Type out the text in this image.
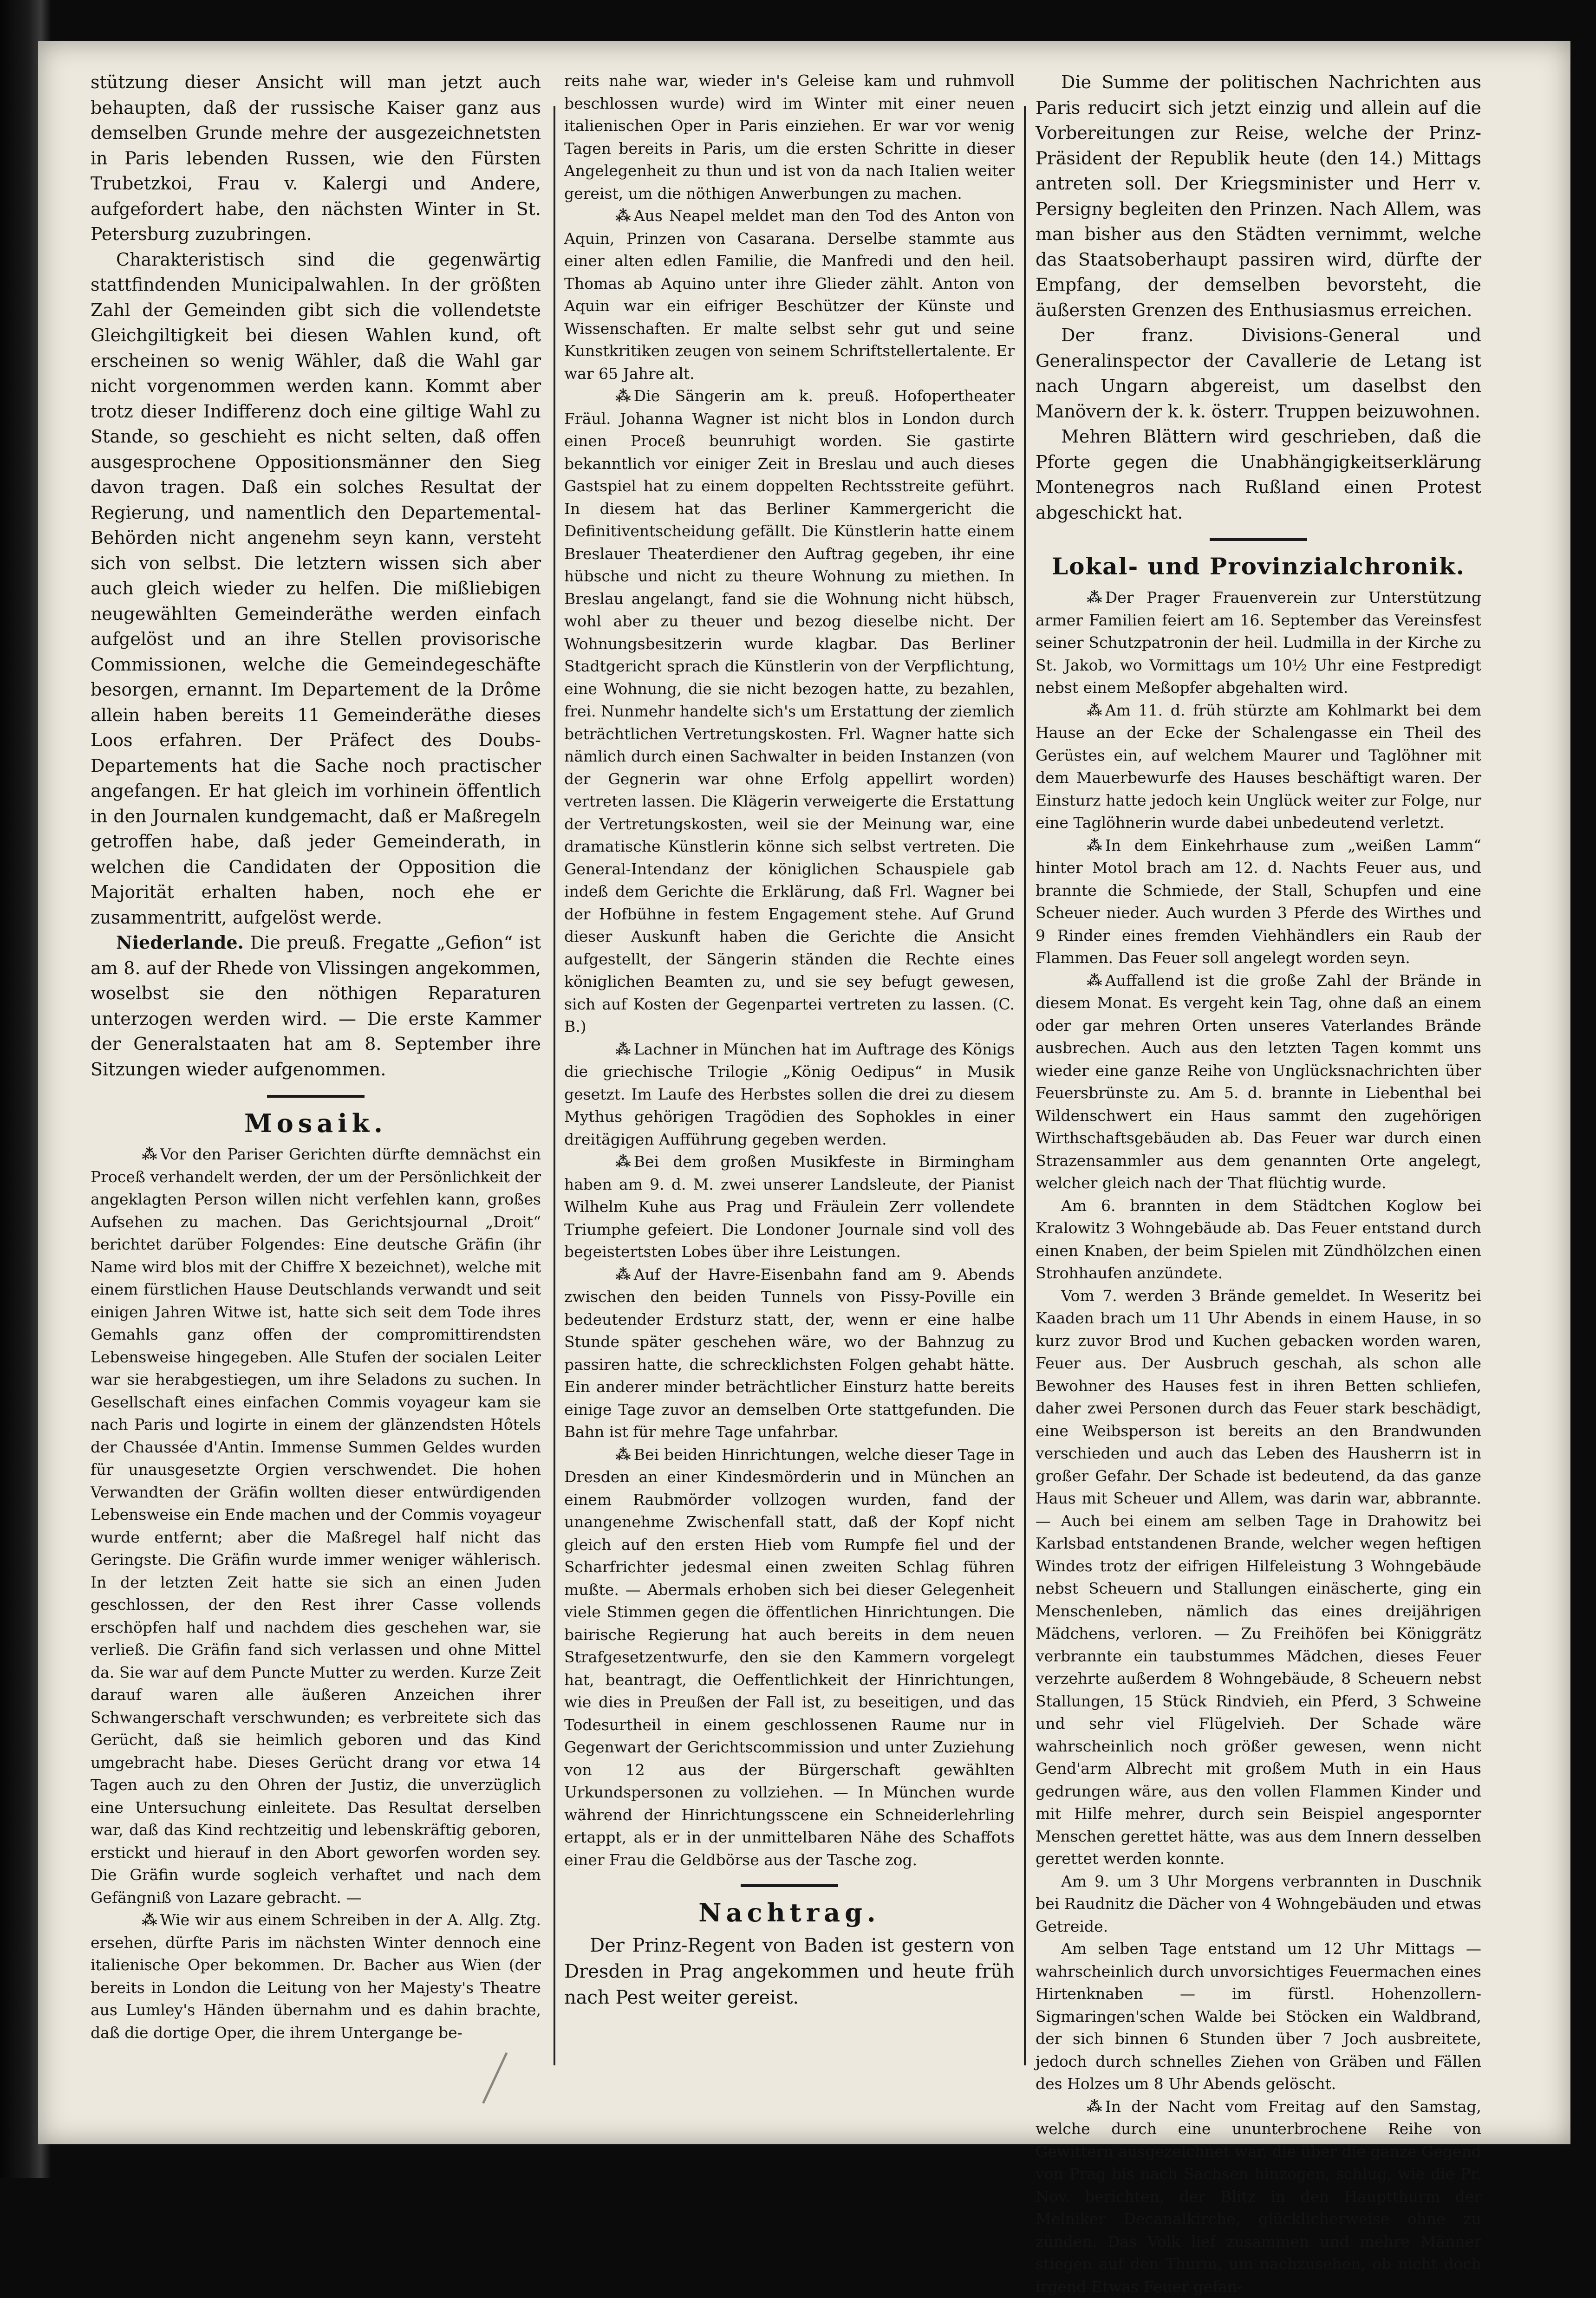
stützung dieser Ansicht will man jetzt auch behaupten, daß der russische Kaiser ganz aus demselben Grunde mehre der ausgezeichnetsten in Paris lebenden Russen, wie den Fürsten Trubetzkoi, Frau v. Kalergi und Andere, aufgefordert habe, den nächsten Winter in St. Petersburg zuzubringen.

Charakteristisch sind die gegenwärtig stattfindenden Municipalwahlen. In der größten Zahl der Gemeinden gibt sich die vollendetste Gleichgiltigkeit bei diesen Wahlen kund, oft erscheinen so wenig Wähler, daß die Wahl gar nicht vorgenommen werden kann. Kommt aber trotz dieser Indifferenz doch eine giltige Wahl zu Stande, so geschieht es nicht selten, daß offen ausgesprochene Oppositionsmänner den Sieg davon tragen. Daß ein solches Resultat der Regierung, und namentlich den Departemental-Behörden nicht angenehm seyn kann, versteht sich von selbst. Die letztern wissen sich aber auch gleich wieder zu helfen. Die mißliebigen neugewählten Gemeinderäthe werden einfach aufgelöst und an ihre Stellen provisorische Commissionen, welche die Gemeindegeschäfte besorgen, ernannt. Im Departement de la Drôme allein haben bereits 11 Gemeinderäthe dieses Loos erfahren. Der Präfect des Doubs-Departements hat die Sache noch practischer angefangen. Er hat gleich im vorhinein öffentlich in den Journalen kundgemacht, daß er Maßregeln getroffen habe, daß jeder Gemeinderath, in welchen die Candidaten der Opposition die Majorität erhalten haben, noch ehe er zusammentritt, aufgelöst werde.

Niederlande. Die preuß. Fregatte „Gefion“ ist am 8. auf der Rhede von Vlissingen angekommen, woselbst sie den nöthigen Reparaturen unterzogen werden wird. — Die erste Kammer der Generalstaaten hat am 8. September ihre Sitzungen wieder aufgenommen.

Mosaik.

⁂ Vor den Pariser Gerichten dürfte demnächst ein Proceß verhandelt werden, der um der Persönlichkeit der angeklagten Person willen nicht verfehlen kann, großes Aufsehen zu machen. Das Gerichtsjournal „Droit“ berichtet darüber Folgendes: Eine deutsche Gräfin (ihr Name wird blos mit der Chiffre X bezeichnet), welche mit einem fürstlichen Hause Deutschlands verwandt und seit einigen Jahren Witwe ist, hatte sich seit dem Tode ihres Gemahls ganz offen der compromittirendsten Lebensweise hingegeben. Alle Stufen der socialen Leiter war sie herabgestiegen, um ihre Seladons zu suchen. In Gesellschaft eines einfachen Commis voyageur kam sie nach Paris und logirte in einem der glänzendsten Hôtels der Chaussée d'Antin. Immense Summen Geldes wurden für unausgesetzte Orgien verschwendet. Die hohen Verwandten der Gräfin wollten dieser entwürdigenden Lebensweise ein Ende machen und der Commis voyageur wurde entfernt; aber die Maßregel half nicht das Geringste. Die Gräfin wurde immer weniger wählerisch. In der letzten Zeit hatte sie sich an einen Juden geschlossen, der den Rest ihrer Casse vollends erschöpfen half und nachdem dies geschehen war, sie verließ. Die Gräfin fand sich verlassen und ohne Mittel da. Sie war auf dem Puncte Mutter zu werden. Kurze Zeit darauf waren alle äußeren Anzeichen ihrer Schwangerschaft verschwunden; es verbreitete sich das Gerücht, daß sie heimlich geboren und das Kind umgebracht habe. Dieses Gerücht drang vor etwa 14 Tagen auch zu den Ohren der Justiz, die unverzüglich eine Untersuchung einleitete. Das Resultat derselben war, daß das Kind rechtzeitig und lebenskräftig geboren, erstickt und hierauf in den Abort geworfen worden sey. Die Gräfin wurde sogleich verhaftet und nach dem Gefängniß von Lazare gebracht. —

⁂ Wie wir aus einem Schreiben in der A. Allg. Ztg. ersehen, dürfte Paris im nächsten Winter dennoch eine italienische Oper bekommen. Dr. Bacher aus Wien (der bereits in London die Leitung von her Majesty's Theatre aus Lumley's Händen übernahm und es dahin brachte, daß die dortige Oper, die ihrem Untergange be-

reits nahe war, wieder in's Geleise kam und ruhmvoll beschlossen wurde) wird im Winter mit einer neuen italienischen Oper in Paris einziehen. Er war vor wenig Tagen bereits in Paris, um die ersten Schritte in dieser Angelegenheit zu thun und ist von da nach Italien weiter gereist, um die nöthigen Anwerbungen zu machen.

⁂ Aus Neapel meldet man den Tod des Anton von Aquin, Prinzen von Casarana. Derselbe stammte aus einer alten edlen Familie, die Manfredi und den heil. Thomas ab Aquino unter ihre Glieder zählt. Anton von Aquin war ein eifriger Beschützer der Künste und Wissenschaften. Er malte selbst sehr gut und seine Kunstkritiken zeugen von seinem Schriftstellertalente. Er war 65 Jahre alt.

⁂ Die Sängerin am k. preuß. Hofopertheater Fräul. Johanna Wagner ist nicht blos in London durch einen Proceß beunruhigt worden. Sie gastirte bekanntlich vor einiger Zeit in Breslau und auch dieses Gastspiel hat zu einem doppelten Rechtsstreite geführt. In diesem hat das Berliner Kammergericht die Definitiventscheidung gefällt. Die Künstlerin hatte einem Breslauer Theaterdiener den Auftrag gegeben, ihr eine hübsche und nicht zu theure Wohnung zu miethen. In Breslau angelangt, fand sie die Wohnung nicht hübsch, wohl aber zu theuer und bezog dieselbe nicht. Der Wohnungsbesitzerin wurde klagbar. Das Berliner Stadtgericht sprach die Künstlerin von der Verpflichtung, eine Wohnung, die sie nicht bezogen hatte, zu bezahlen, frei. Nunmehr handelte sich's um Erstattung der ziemlich beträchtlichen Vertretungskosten. Frl. Wagner hatte sich nämlich durch einen Sachwalter in beiden Instanzen (von der Gegnerin war ohne Erfolg appellirt worden) vertreten lassen. Die Klägerin verweigerte die Erstattung der Vertretungskosten, weil sie der Meinung war, eine dramatische Künstlerin könne sich selbst vertreten. Die General-Intendanz der königlichen Schauspiele gab indeß dem Gerichte die Erklärung, daß Frl. Wagner bei der Hofbühne in festem Engagement stehe. Auf Grund dieser Auskunft haben die Gerichte die Ansicht aufgestellt, der Sängerin ständen die Rechte eines königlichen Beamten zu, und sie sey befugt gewesen, sich auf Kosten der Gegenpartei vertreten zu lassen. (C. B.)

⁂ Lachner in München hat im Auftrage des Königs die griechische Trilogie „König Oedipus“ in Musik gesetzt. Im Laufe des Herbstes sollen die drei zu diesem Mythus gehörigen Tragödien des Sophokles in einer dreitägigen Aufführung gegeben werden.

⁂ Bei dem großen Musikfeste in Birmingham haben am 9. d. M. zwei unserer Landsleute, der Pianist Wilhelm Kuhe aus Prag und Fräulein Zerr vollendete Triumphe gefeiert. Die Londoner Journale sind voll des begeistertsten Lobes über ihre Leistungen.

⁂ Auf der Havre-Eisenbahn fand am 9. Abends zwischen den beiden Tunnels von Pissy-Poville ein bedeutender Erdsturz statt, der, wenn er eine halbe Stunde später geschehen wäre, wo der Bahnzug zu passiren hatte, die schrecklichsten Folgen gehabt hätte. Ein anderer minder beträchtlicher Einsturz hatte bereits einige Tage zuvor an demselben Orte stattgefunden. Die Bahn ist für mehre Tage unfahrbar.

⁂ Bei beiden Hinrichtungen, welche dieser Tage in Dresden an einer Kindesmörderin und in München an einem Raubmörder vollzogen wurden, fand der unangenehme Zwischenfall statt, daß der Kopf nicht gleich auf den ersten Hieb vom Rumpfe fiel und der Scharfrichter jedesmal einen zweiten Schlag führen mußte. — Abermals erhoben sich bei dieser Gelegenheit viele Stimmen gegen die öffentlichen Hinrichtungen. Die bairische Regierung hat auch bereits in dem neuen Strafgesetzentwurfe, den sie den Kammern vorgelegt hat, beantragt, die Oeffentlichkeit der Hinrichtungen, wie dies in Preußen der Fall ist, zu beseitigen, und das Todesurtheil in einem geschlossenen Raume nur in Gegenwart der Gerichtscommission und unter Zuziehung von 12 aus der Bürgerschaft gewählten Urkundspersonen zu vollziehen. — In München wurde während der Hinrichtungsscene ein Schneiderlehrling ertappt, als er in der unmittelbaren Nähe des Schaffots einer Frau die Geldbörse aus der Tasche zog.

Nachtrag.

Der Prinz-Regent von Baden ist gestern von Dresden in Prag angekommen und heute früh nach Pest weiter gereist.

Die Summe der politischen Nachrichten aus Paris reducirt sich jetzt einzig und allein auf die Vorbereitungen zur Reise, welche der Prinz-Präsident der Republik heute (den 14.) Mittags antreten soll. Der Kriegsminister und Herr v. Persigny begleiten den Prinzen. Nach Allem, was man bisher aus den Städten vernimmt, welche das Staatsoberhaupt passiren wird, dürfte der Empfang, der demselben bevorsteht, die äußersten Grenzen des Enthusiasmus erreichen.

Der franz. Divisions-General und Generalinspector der Cavallerie de Letang ist nach Ungarn abgereist, um daselbst den Manövern der k. k. österr. Truppen beizuwohnen.

Mehren Blättern wird geschrieben, daß die Pforte gegen die Unabhängigkeitserklärung Montenegros nach Rußland einen Protest abgeschickt hat.

Lokal- und Provinzialchronik.

⁂ Der Prager Frauenverein zur Unterstützung armer Familien feiert am 16. September das Vereinsfest seiner Schutzpatronin der heil. Ludmilla in der Kirche zu St. Jakob, wo Vormittags um 10½ Uhr eine Festpredigt nebst einem Meßopfer abgehalten wird.

⁂ Am 11. d. früh stürzte am Kohlmarkt bei dem Hause an der Ecke der Schalengasse ein Theil des Gerüstes ein, auf welchem Maurer und Taglöhner mit dem Mauerbewurfe des Hauses beschäftigt waren. Der Einsturz hatte jedoch kein Unglück weiter zur Folge, nur eine Taglöhnerin wurde dabei unbedeutend verletzt.

⁂ In dem Einkehrhause zum „weißen Lamm“ hinter Motol brach am 12. d. Nachts Feuer aus, und brannte die Schmiede, der Stall, Schupfen und eine Scheuer nieder. Auch wurden 3 Pferde des Wirthes und 9 Rinder eines fremden Viehhändlers ein Raub der Flammen. Das Feuer soll angelegt worden seyn.

⁂ Auffallend ist die große Zahl der Brände in diesem Monat. Es vergeht kein Tag, ohne daß an einem oder gar mehren Orten unseres Vaterlandes Brände ausbrechen. Auch aus den letzten Tagen kommt uns wieder eine ganze Reihe von Unglücksnachrichten über Feuersbrünste zu. Am 5. d. brannte in Liebenthal bei Wildenschwert ein Haus sammt den zugehörigen Wirthschaftsgebäuden ab. Das Feuer war durch einen Strazensammler aus dem genannten Orte angelegt, welcher gleich nach der That flüchtig wurde.

Am 6. brannten in dem Städtchen Koglow bei Kralowitz 3 Wohngebäude ab. Das Feuer entstand durch einen Knaben, der beim Spielen mit Zündhölzchen einen Strohhaufen anzündete.

Vom 7. werden 3 Brände gemeldet. In Weseritz bei Kaaden brach um 11 Uhr Abends in einem Hause, in so kurz zuvor Brod und Kuchen gebacken worden waren, Feuer aus. Der Ausbruch geschah, als schon alle Bewohner des Hauses fest in ihren Betten schliefen, daher zwei Personen durch das Feuer stark beschädigt, eine Weibsperson ist bereits an den Brandwunden verschieden und auch das Leben des Hausherrn ist in großer Gefahr. Der Schade ist bedeutend, da das ganze Haus mit Scheuer und Allem, was darin war, abbrannte. — Auch bei einem am selben Tage in Drahowitz bei Karlsbad entstandenen Brande, welcher wegen heftigen Windes trotz der eifrigen Hilfeleistung 3 Wohngebäude nebst Scheuern und Stallungen einäscherte, ging ein Menschenleben, nämlich das eines dreijährigen Mädchens, verloren. — Zu Freihöfen bei Königgrätz verbrannte ein taubstummes Mädchen, dieses Feuer verzehrte außerdem 8 Wohngebäude, 8 Scheuern nebst Stallungen, 15 Stück Rindvieh, ein Pferd, 3 Schweine und sehr viel Flügelvieh. Der Schade wäre wahrscheinlich noch größer gewesen, wenn nicht Gend'arm Albrecht mit großem Muth in ein Haus gedrungen wäre, aus den vollen Flammen Kinder und mit Hilfe mehrer, durch sein Beispiel angespornter Menschen gerettet hätte, was aus dem Innern desselben gerettet werden konnte.

Am 9. um 3 Uhr Morgens verbrannten in Duschnik bei Raudnitz die Dächer von 4 Wohngebäuden und etwas Getreide.

Am selben Tage entstand um 12 Uhr Mittags — wahrscheinlich durch unvorsichtiges Feuermachen eines Hirtenknaben — im fürstl. Hohenzollern-Sigmaringen'schen Walde bei Stöcken ein Waldbrand, der sich binnen 6 Stunden über 7 Joch ausbreitete, jedoch durch schnelles Ziehen von Gräben und Fällen des Holzes um 8 Uhr Abends gelöscht.

⁂ In der Nacht vom Freitag auf den Samstag, welche durch eine ununterbrochene Reihe von Gewittern ausgezeichnet war, die über die ganze Gegend von Prag bis nach Sachsen hinzogen, schlug, wie die Pr. Nov. berichten, der Blitz in den Hauptthurm der Melniker Decanalkirche, glücklicherweise ohne zu zünden. Das Volk lief zusammen und mehre Männer stiegen auf den Thurm, um nachzusehen, ob nicht doch irgend Etwas Feuer gefan-
